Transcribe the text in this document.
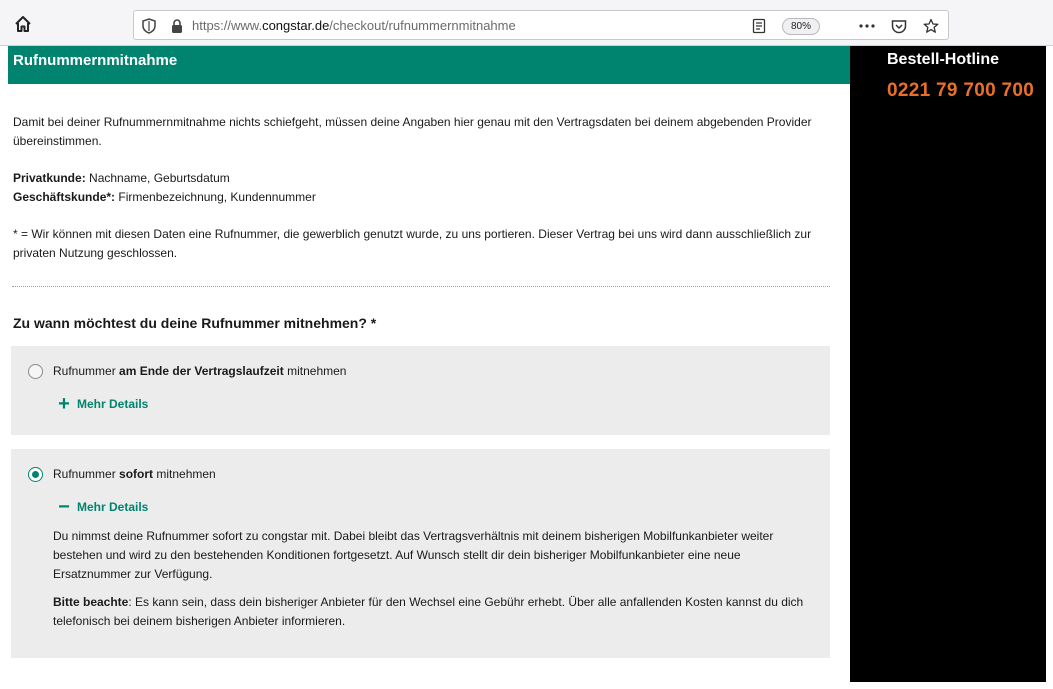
https://www.congstar.de/checkout/rufnummernmitnahme	80%
Rufnummernmitnahme
Damit bei deiner Rufnummernmitnahme nichts schiefgeht, müssen deine Angaben hier genau mit den Vertragsdaten bei deinem abgebenden Provider übereinstimmen.
Privatkunde: Nachname, Geburtsdatum
Geschäftskunde*: Firmenbezeichnung, Kundennummer
* = Wir können mit diesen Daten eine Rufnummer, die gewerblich genutzt wurde, zu uns portieren. Dieser Vertrag bei uns wird dann ausschließlich zur privaten Nutzung geschlossen.
Zu wann möchtest du deine Rufnummer mitnehmen? *
Rufnummer am Ende der Vertragslaufzeit mitnehmen
+ Mehr Details
Rufnummer sofort mitnehmen
− Mehr Details
Du nimmst deine Rufnummer sofort zu congstar mit. Dabei bleibt das Vertragsverhältnis mit deinem bisherigen Mobilfunkanbieter weiter bestehen und wird zu den bestehenden Konditionen fortgesetzt. Auf Wunsch stellt dir dein bisheriger Mobilfunkanbieter eine neue Ersatznummer zur Verfügung.
Bitte beachte: Es kann sein, dass dein bisheriger Anbieter für den Wechsel eine Gebühr erhebt. Über alle anfallenden Kosten kannst du dich telefonisch bei deinem bisherigen Anbieter informieren.
Bestell-Hotline
0221 79 700 700
